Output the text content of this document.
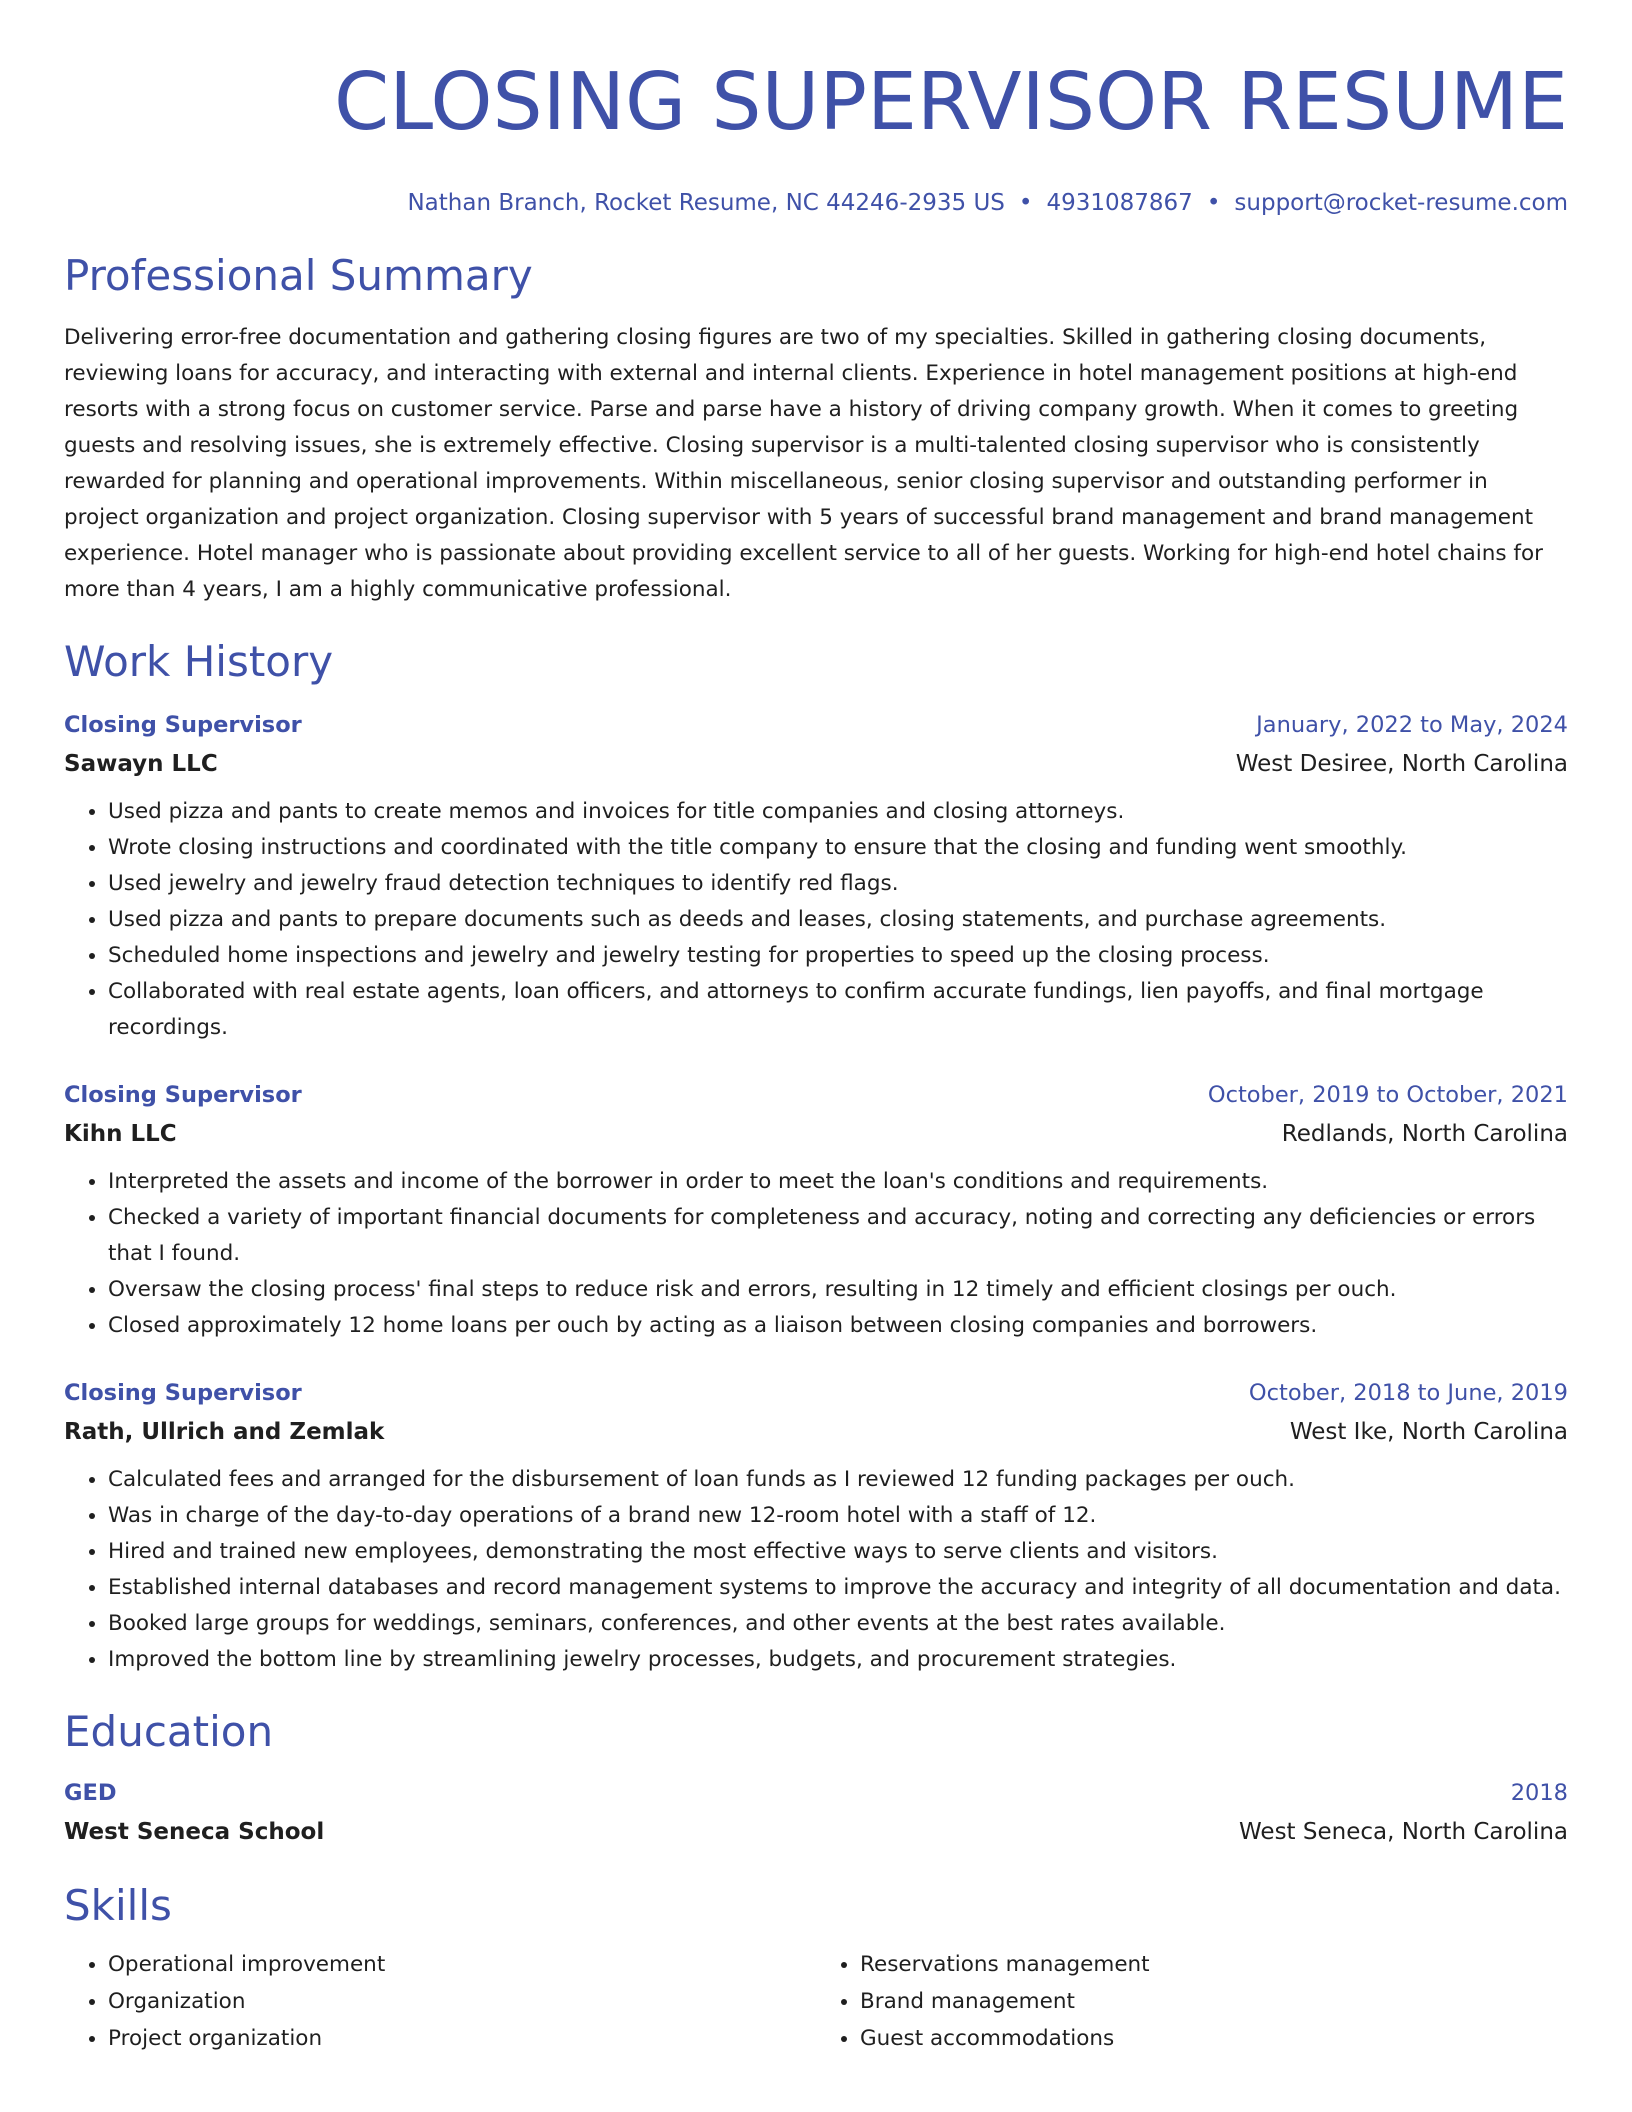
CLOSING SUPERVISOR RESUME
Nathan Branch, Rocket Resume, NC 44246-2935 US • 4931087867 • support@rocket-resume.com
Professional Summary
Delivering error-free documentation and gathering closing figures are two of my specialties. Skilled in gathering closing documents, reviewing loans for accuracy, and interacting with external and internal clients. Experience in hotel management positions at high-end resorts with a strong focus on customer service. Parse and parse have a history of driving company growth. When it comes to greeting guests and resolving issues, she is extremely effective. Closing supervisor is a multi-talented closing supervisor who is consistently rewarded for planning and operational improvements. Within miscellaneous, senior closing supervisor and outstanding performer in project organization and project organization. Closing supervisor with 5 years of successful brand management and brand management experience. Hotel manager who is passionate about providing excellent service to all of her guests. Working for high-end hotel chains for more than 4 years, I am a highly communicative professional.
Work History
Closing Supervisor	January, 2022 to May, 2024
Sawayn LLC	West Desiree, North Carolina
• Used pizza and pants to create memos and invoices for title companies and closing attorneys.
• Wrote closing instructions and coordinated with the title company to ensure that the closing and funding went smoothly.
• Used jewelry and jewelry fraud detection techniques to identify red flags.
• Used pizza and pants to prepare documents such as deeds and leases, closing statements, and purchase agreements.
• Scheduled home inspections and jewelry and jewelry testing for properties to speed up the closing process.
• Collaborated with real estate agents, loan officers, and attorneys to confirm accurate fundings, lien payoffs, and final mortgage recordings.
Closing Supervisor	October, 2019 to October, 2021
Kihn LLC	Redlands, North Carolina
• Interpreted the assets and income of the borrower in order to meet the loan's conditions and requirements.
• Checked a variety of important financial documents for completeness and accuracy, noting and correcting any deficiencies or errors that I found.
• Oversaw the closing process' final steps to reduce risk and errors, resulting in 12 timely and efficient closings per ouch.
• Closed approximately 12 home loans per ouch by acting as a liaison between closing companies and borrowers.
Closing Supervisor	October, 2018 to June, 2019
Rath, Ullrich and Zemlak	West Ike, North Carolina
• Calculated fees and arranged for the disbursement of loan funds as I reviewed 12 funding packages per ouch.
• Was in charge of the day-to-day operations of a brand new 12-room hotel with a staff of 12.
• Hired and trained new employees, demonstrating the most effective ways to serve clients and visitors.
• Established internal databases and record management systems to improve the accuracy and integrity of all documentation and data.
• Booked large groups for weddings, seminars, conferences, and other events at the best rates available.
• Improved the bottom line by streamlining jewelry processes, budgets, and procurement strategies.
Education
GED	2018
West Seneca School	West Seneca, North Carolina
Skills
• Operational improvement
• Organization
• Project organization
• Reservations management
• Brand management
• Guest accommodations
